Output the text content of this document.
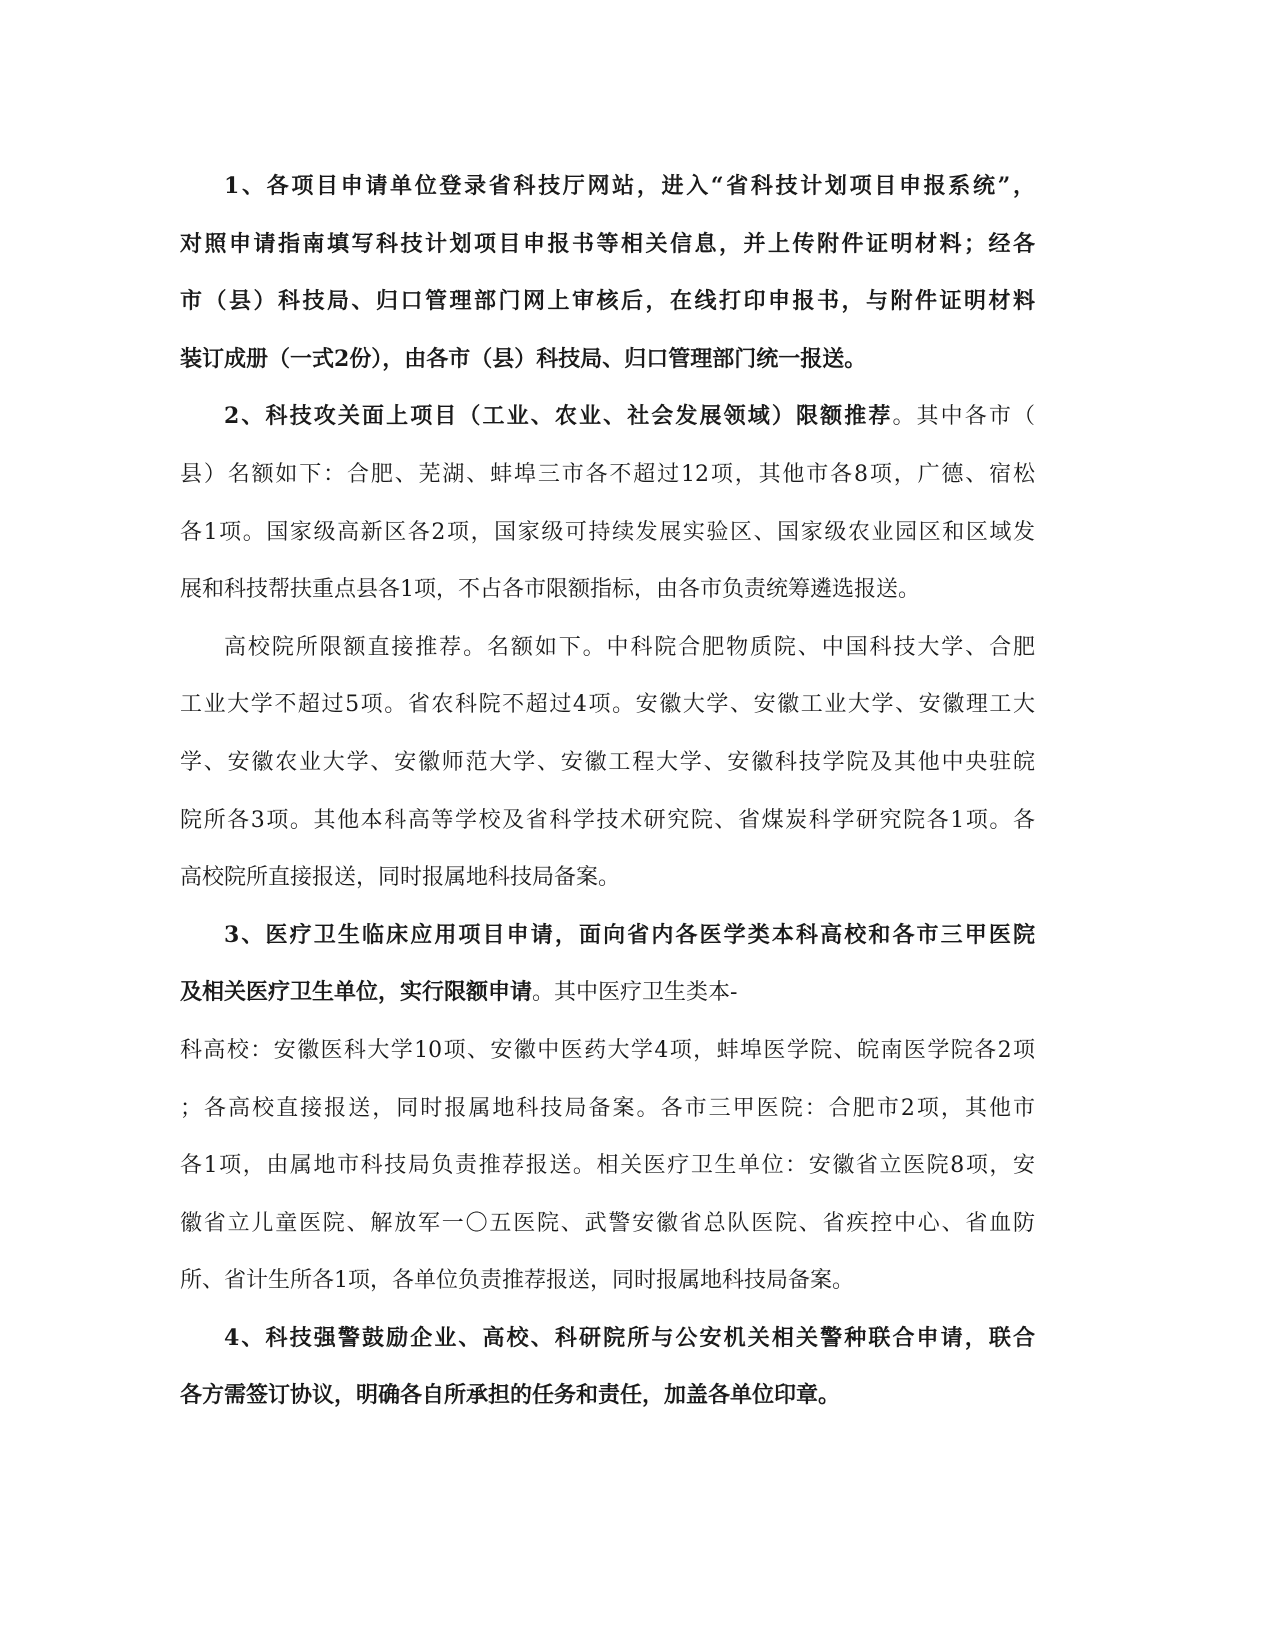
1、各项目申请单位登录省科技厅网站，进入“省科技计划项目申报系统”，
对照申请指南填写科技计划项目申报书等相关信息，并上传附件证明材料；经各
市（县）科技局、归口管理部门网上审核后，在线打印申报书，与附件证明材料
装订成册（一式2份），由各市（县）科技局、归口管理部门统一报送。
2、科技攻关面上项目（工业、农业、社会发展领域）限额推荐。其中各市（
县）名额如下：合肥、芜湖、蚌埠三市各不超过12项，其他市各8项，广德、宿松
各1项。国家级高新区各2项，国家级可持续发展实验区、国家级农业园区和区域发
展和科技帮扶重点县各1项，不占各市限额指标，由各市负责统筹遴选报送。
高校院所限额直接推荐。名额如下。中科院合肥物质院、中国科技大学、合肥
工业大学不超过5项。省农科院不超过4项。安徽大学、安徽工业大学、安徽理工大
学、安徽农业大学、安徽师范大学、安徽工程大学、安徽科技学院及其他中央驻皖
院所各3项。其他本科高等学校及省科学技术研究院、省煤炭科学研究院各1项。各
高校院所直接报送，同时报属地科技局备案。
3、医疗卫生临床应用项目申请，面向省内各医学类本科高校和各市三甲医院
及相关医疗卫生单位，实行限额申请。其中医疗卫生类本-
科高校：安徽医科大学10项、安徽中医药大学4项，蚌埠医学院、皖南医学院各2项
；各高校直接报送，同时报属地科技局备案。各市三甲医院：合肥市2项，其他市
各1项，由属地市科技局负责推荐报送。相关医疗卫生单位：安徽省立医院8项，安
徽省立儿童医院、解放军一〇五医院、武警安徽省总队医院、省疾控中心、省血防
所、省计生所各1项，各单位负责推荐报送，同时报属地科技局备案。
4、科技强警鼓励企业、高校、科研院所与公安机关相关警种联合申请，联合
各方需签订协议，明确各自所承担的任务和责任，加盖各单位印章。
